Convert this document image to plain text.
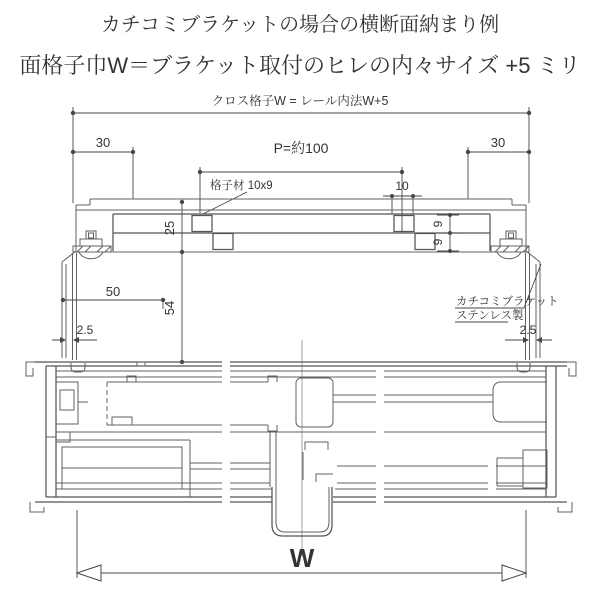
カチコミブラケットの場合の横断面納まり例
面格子巾W＝ブラケット取付のヒレの内々サイズ +5 ミリ
クロス格子W = レール内法W+5
30	30
P=約100
10
格子材 10x9
25	9
9
カチコミブラケット
ステンレス製
50
54
2.5	2.5
W
